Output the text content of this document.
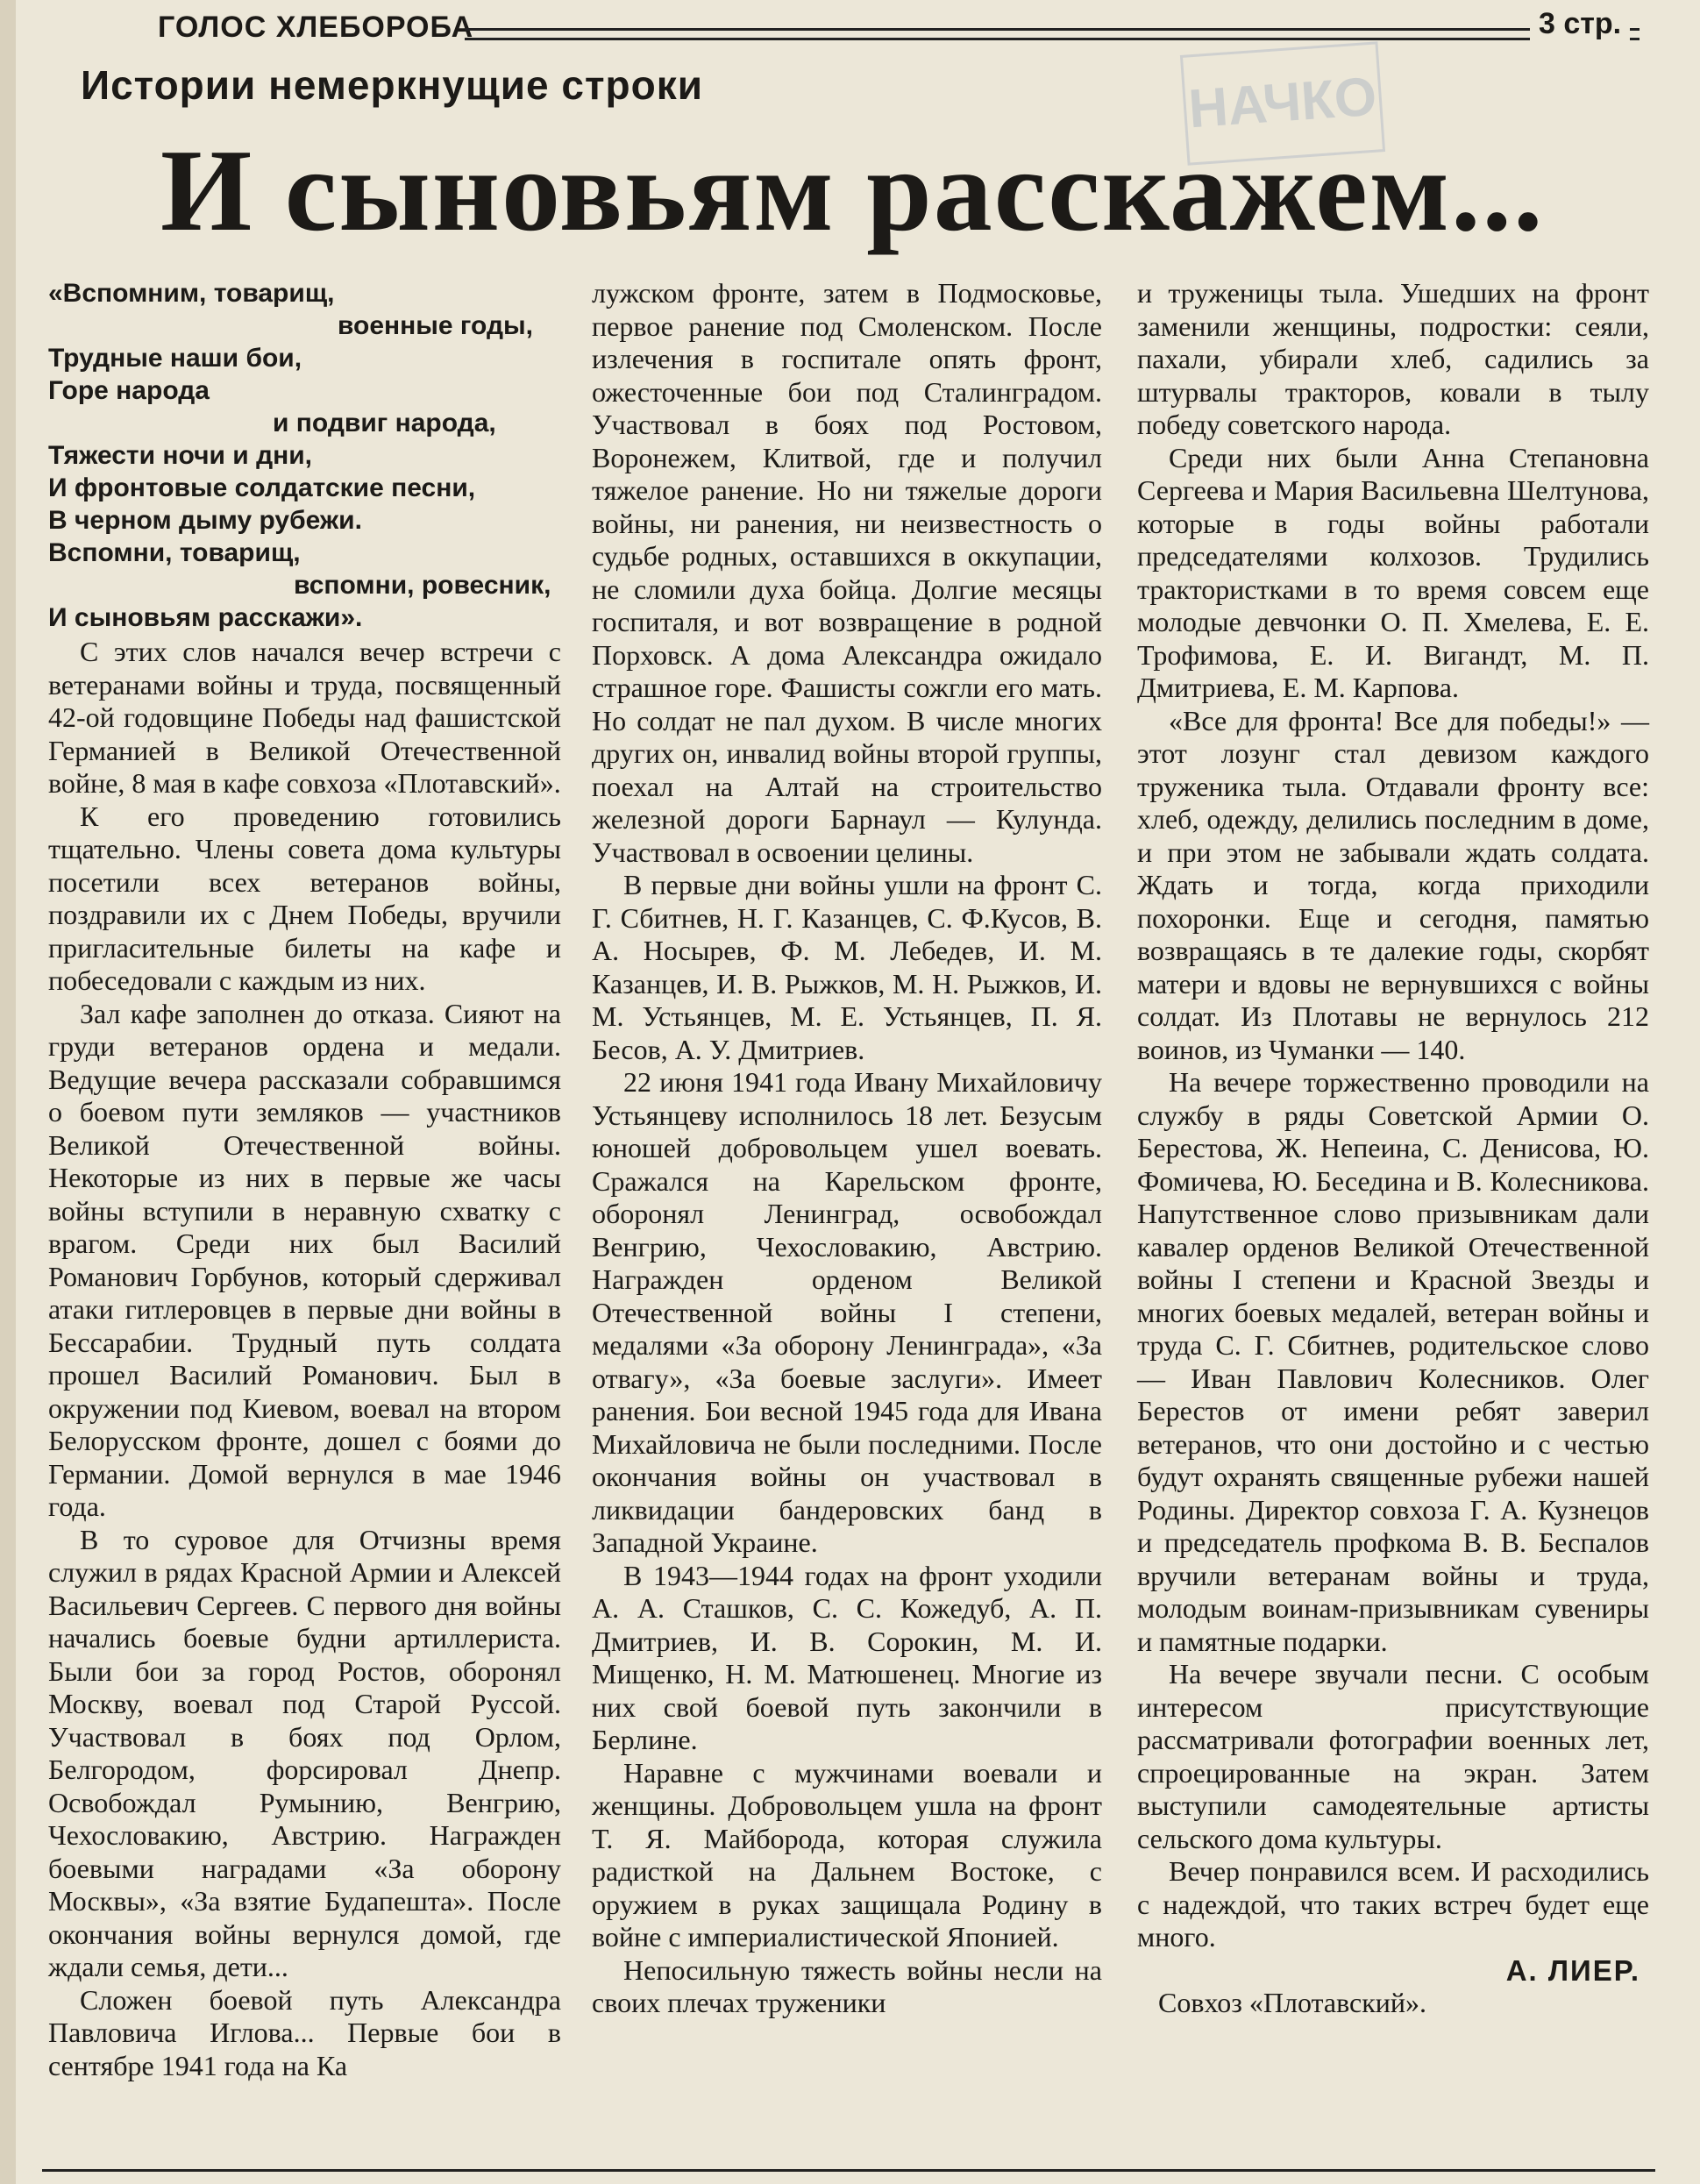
ГОЛОС ХЛЕБОРОБА	3 стр.
НАЧКО
Истории немеркнущие строки
И сыновьям расскажем...
«Вспомним, товарищ,
военные годы,
Трудные наши бои,
Горе народа
и подвиг народа,
Тяжести ночи и дни,
И фронтовые солдатские песни,
В черном дыму рубежи.
Вспомни, товарищ,
вспомни, ровесник,
И сыновьям расскажи».

С этих слов начался вечер встречи с ветеранами войны и труда, посвященный 42-ой годовщине Победы над фашистской Германией в Великой Отечественной войне, 8 мая в кафе совхоза «Плотавский».

К его проведению готовились тщательно. Члены совета дома культуры посетили всех ветеранов войны, поздравили их с Днем Победы, вручили пригласительные билеты на кафе и побеседовали с каждым из них.

Зал кафе заполнен до отказа. Сияют на груди ветеранов ордена и медали. Ведущие вечера рассказали собравшимся о боевом пути земляков — участников Великой Отечественной войны. Некоторые из них в первые же часы войны вступили в неравную схватку с врагом. Среди них был Василий Романович Горбунов, который сдерживал атаки гитлеровцев в первые дни войны в Бессарабии. Трудный путь солдата прошел Василий Романович. Был в окружении под Киевом, воевал на втором Белорусском фронте, дошел с боями до Германии. Домой вернулся в мае 1946 года.

В то суровое для Отчизны время служил в рядах Красной Армии и Алексей Васильевич Сергеев. С первого дня войны начались боевые будни артиллериста. Были бои за город Ростов, оборонял Москву, воевал под Старой Руссой. Участвовал в боях под Орлом, Белгородом, форсировал Днепр. Освобождал Румынию, Венгрию, Чехословакию, Австрию. Награжден боевыми наградами «За оборону Москвы», «За взятие Будапешта». После окончания войны вернулся домой, где ждали семья, дети...

Сложен боевой путь Александра Павловича Иглова... Первые бои в сентябре 1941 года на Ка

лужском фронте, затем в Подмосковье, первое ранение под Смоленском. После излечения в госпитале опять фронт, ожесточенные бои под Сталинградом. Участвовал в боях под Ростовом, Воронежем, Клитвой, где и получил тяжелое ранение. Но ни тяжелые дороги войны, ни ранения, ни неизвестность о судьбе родных, оставшихся в оккупации, не сломили духа бойца. Долгие месяцы госпиталя, и вот возвращение в родной Порховск. А дома Александра ожидало страшное горе. Фашисты сожгли его мать. Но солдат не пал духом. В числе многих других он, инвалид войны второй группы, поехал на Алтай на строительство железной дороги Барнаул — Кулунда. Участвовал в освоении целины.

В первые дни войны ушли на фронт С. Г. Сбитнев, Н. Г. Казанцев, С. Ф.Кусов, В. А. Носырев, Ф. М. Лебедев, И. М. Казанцев, И. В. Рыжков, М. Н. Рыжков, И. М. Устьянцев, М. Е. Устьянцев, П. Я. Бесов, А. У. Дмитриев.

22 июня 1941 года Ивану Михайловичу Устьянцеву исполнилось 18 лет. Безусым юношей добровольцем ушел воевать. Сражался на Карельском фронте, оборонял Ленинград, освобождал Венгрию, Чехословакию, Австрию. Награжден орденом Великой Отечественной войны I степени, медалями «За оборону Ленинграда», «За отвагу», «За боевые заслуги». Имеет ранения. Бои весной 1945 года для Ивана Михайловича не были последними. После окончания войны он участвовал в ликвидации бандеровских банд в Западной Украине.

В 1943—1944 годах на фронт уходили А. А. Сташков, С. С. Кожедуб, А. П. Дмитриев, И. В. Сорокин, М. И. Мищенко, Н. М. Матюшенец. Многие из них свой боевой путь закончили в Берлине.

Наравне с мужчинами воевали и женщины. Добровольцем ушла на фронт Т. Я. Майборода, которая служила радисткой на Дальнем Востоке, с оружием в руках защищала Родину в войне с империалистической Японией.

Непосильную тяжесть войны несли на своих плечах труженики

и труженицы тыла. Ушедших на фронт заменили женщины, подростки: сеяли, пахали, убирали хлеб, садились за штурвалы тракторов, ковали в тылу победу советского народа.

Среди них были Анна Степановна Сергеева и Мария Васильевна Шелтунова, которые в годы войны работали председателями колхозов. Трудились трактористками в то время совсем еще молодые девчонки О. П. Хмелева, Е. Е. Трофимова, Е. И. Вигандт, М. П. Дмитриева, Е. М. Карпова.

«Все для фронта! Все для победы!» — этот лозунг стал девизом каждого труженика тыла. Отдавали фронту все: хлеб, одежду, делились последним в доме, и при этом не забывали ждать солдата. Ждать и тогда, когда приходили похоронки. Еще и сегодня, памятью возвращаясь в те далекие годы, скорбят матери и вдовы не вернувшихся с войны солдат. Из Плотавы не вернулось 212 воинов, из Чуманки — 140.

На вечере торжественно проводили на службу в ряды Советской Армии О. Берестова, Ж. Непеина, С. Денисова, Ю. Фомичева, Ю. Беседина и В. Колесникова. Напутственное слово призывникам дали кавалер орденов Великой Отечественной войны I степени и Красной Звезды и многих боевых медалей, ветеран войны и труда С. Г. Сбитнев, родительское слово — Иван Павлович Колесников. Олег Берестов от имени ребят заверил ветеранов, что они достойно и с честью будут охранять священные рубежи нашей Родины. Директор совхоза Г. А. Кузнецов и председатель профкома В. В. Беспалов вручили ветеранам войны и труда, молодым воинам-призывникам сувениры и памятные подарки.

На вечере звучали песни. С особым интересом присутствующие рассматривали фотографии военных лет, спроецированные на экран. Затем выступили самодеятельные артисты сельского дома культуры.

Вечер понравился всем. И расходились с надеждой, что таких встреч будет еще много.

А. ЛИЕР.

Совхоз «Плотавский».
